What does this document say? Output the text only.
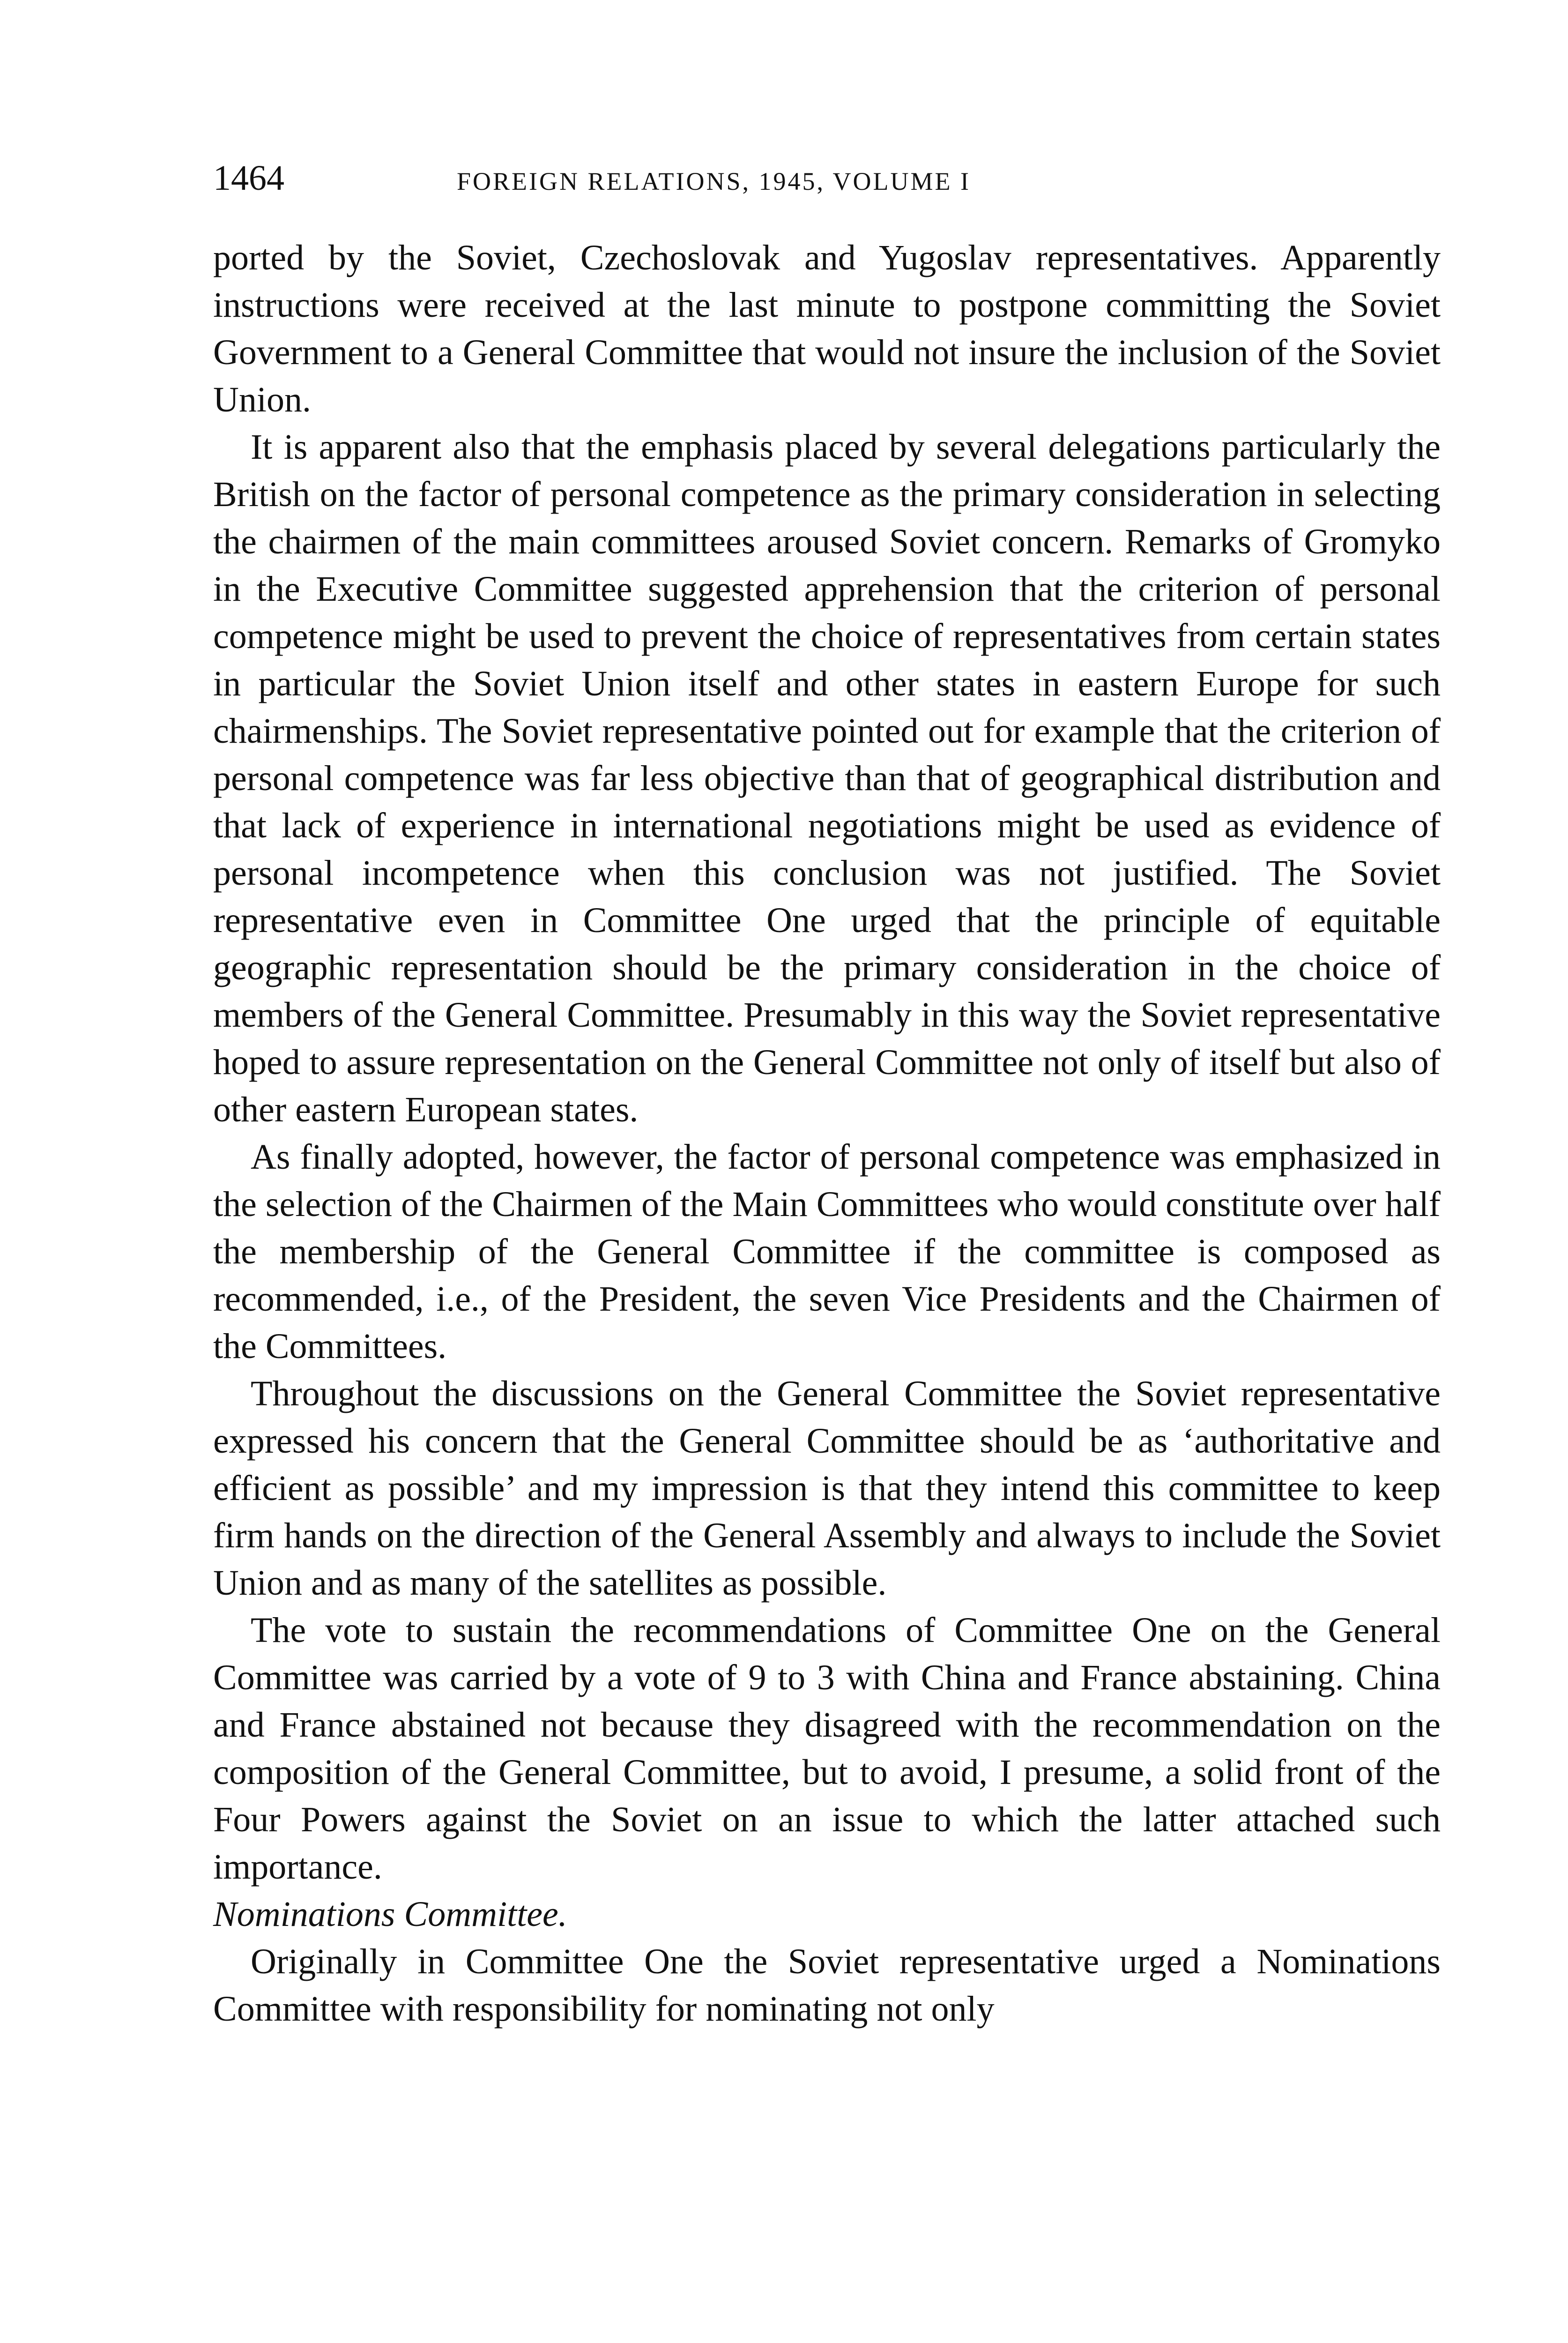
1464	FOREIGN RELATIONS, 1945, VOLUME I

ported by the Soviet, Czechoslovak and Yugoslav representatives. Apparently instructions were received at the last minute to postpone committing the Soviet Government to a General Committee that would not insure the inclusion of the Soviet Union.

It is apparent also that the emphasis placed by several delegations particularly the British on the factor of personal competence as the primary consideration in selecting the chairmen of the main committees aroused Soviet concern. Remarks of Gromyko in the Executive Committee suggested apprehension that the criterion of personal competence might be used to prevent the choice of representatives from certain states in particular the Soviet Union itself and other states in eastern Europe for such chairmenships. The Soviet representative pointed out for example that the criterion of personal competence was far less objective than that of geographical distribution and that lack of experience in international negotiations might be used as evidence of personal incompetence when this conclusion was not justified. The Soviet representative even in Committee One urged that the principle of equitable geographic representation should be the primary consideration in the choice of members of the General Committee. Presumably in this way the Soviet representative hoped to assure representation on the General Committee not only of itself but also of other eastern European states.

As finally adopted, however, the factor of personal competence was emphasized in the selection of the Chairmen of the Main Committees who would constitute over half the membership of the General Committee if the committee is composed as recommended, i.e., of the President, the seven Vice Presidents and the Chairmen of the Committees.

Throughout the discussions on the General Committee the Soviet representative expressed his concern that the General Committee should be as ‘authoritative and efficient as possible’ and my impression is that they intend this committee to keep firm hands on the direction of the General Assembly and always to include the Soviet Union and as many of the satellites as possible.

The vote to sustain the recommendations of Committee One on the General Committee was carried by a vote of 9 to 3 with China and France abstaining. China and France abstained not because they disagreed with the recommendation on the composition of the General Committee, but to avoid, I presume, a solid front of the Four Powers against the Soviet on an issue to which the latter attached such importance.

Nominations Committee.

Originally in Committee One the Soviet representative urged a Nominations Committee with responsibility for nominating not only
